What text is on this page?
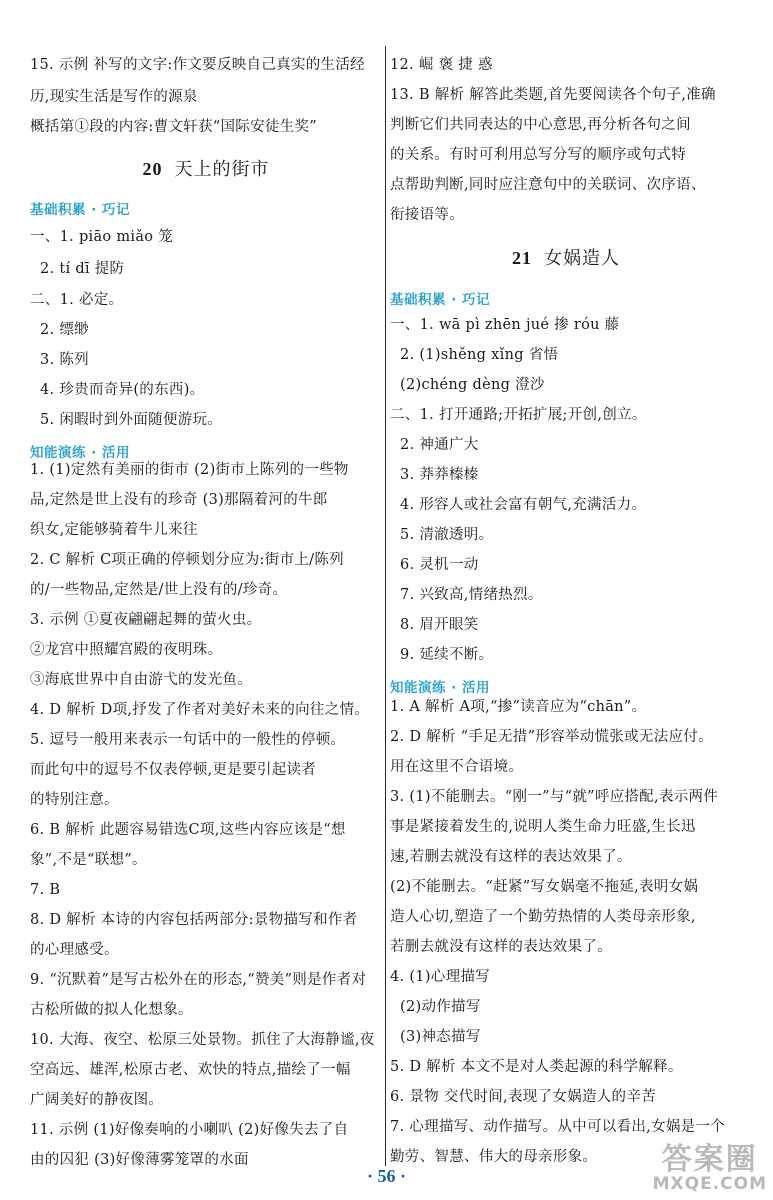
15. 示例 补写的文字:作文要反映自己真实的生活经
历,现实生活是写作的源泉
概括第①段的内容:曹文轩获“国际安徒生奖”
20 天上的街市
基础积累 · 巧记
一、1. piāo miǎo 笼
2. tí dī 提防
二、1. 必定。
2. 缥缈
3. 陈列
4. 珍贵而奇异(的东西)。
5. 闲暇时到外面随便游玩。
知能演练 · 活用
1. (1)定然有美丽的街市 (2)街市上陈列的一些物
品,定然是世上没有的珍奇 (3)那隔着河的牛郎
织女,定能够骑着牛儿来往
2. C 解析 C项正确的停顿划分应为:街市上/陈列
的/一些物品,定然是/世上没有的/珍奇。
3. 示例 ①夏夜翩翩起舞的萤火虫。
②龙宫中照耀宫殿的夜明珠。
③海底世界中自由游弋的发光鱼。
4. D 解析 D项,抒发了作者对美好未来的向往之情。
5. 逗号一般用来表示一句话中的一般性的停顿。
而此句中的逗号不仅表停顿,更是要引起读者
的特别注意。
6. B 解析 此题容易错选C项,这些内容应该是“想
象”,不是“联想”。
7. B
8. D 解析 本诗的内容包括两部分:景物描写和作者
的心理感受。
9. “沉默着”是写古松外在的形态,“赞美”则是作者对
古松所做的拟人化想象。
10. 大海、夜空、松原三处景物。抓住了大海静谧,夜
空高远、雄浑,松原古老、欢快的特点,描绘了一幅
广阔美好的静夜图。
11. 示例 (1)好像奏响的小喇叭 (2)好像失去了自
由的囚犯 (3)好像薄雾笼罩的水面
12. 崛 褒 捷 惑
13. B 解析 解答此类题,首先要阅读各个句子,准确
判断它们共同表达的中心意思,再分析各句之间
的关系。有时可利用总写分写的顺序或句式特
点帮助判断,同时应注意句中的关联词、次序语、
衔接语等。
21 女娲造人
基础积累 · 巧记
一、1. wā pì zhēn jué 掺 róu 藤
2. (1)shěng xǐng 省悟
(2)chéng dèng 澄沙
二、1. 打开通路;开拓扩展;开创,创立。
2. 神通广大
3. 莽莽榛榛
4. 形容人或社会富有朝气,充满活力。
5. 清澈透明。
6. 灵机一动
7. 兴致高,情绪热烈。
8. 眉开眼笑
9. 延续不断。
知能演练 · 活用
1. A 解析 A项,“掺”读音应为“chān”。
2. D 解析 “手足无措”形容举动慌张或无法应付。
用在这里不合语境。
3. (1)不能删去。“刚一”与“就”呼应搭配,表示两件
事是紧接着发生的,说明人类生命力旺盛,生长迅
速,若删去就没有这样的表达效果了。
(2)不能删去。“赶紧”写女娲毫不拖延,表明女娲
造人心切,塑造了一个勤劳热情的人类母亲形象,
若删去就没有这样的表达效果了。
4. (1)心理描写
(2)动作描写
(3)神态描写
5. D 解析 本文不是对人类起源的科学解释。
6. 景物 交代时间,表现了女娲造人的辛苦
7. 心理描写、动作描写。从中可以看出,女娲是一个
勤劳、智慧、伟大的母亲形象。
· 56 ·	答案圈
MXQE.COM
